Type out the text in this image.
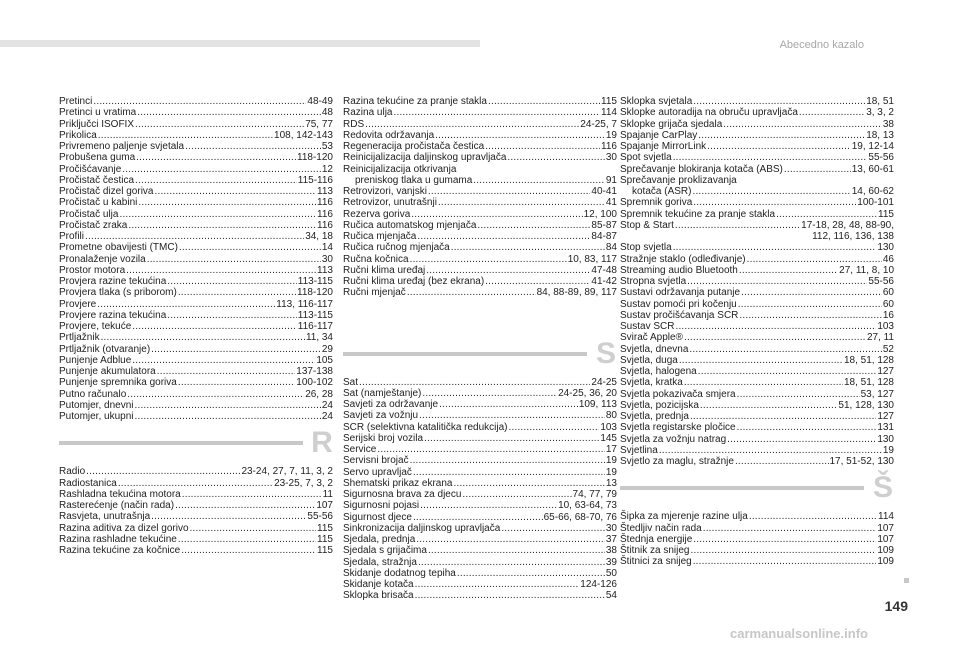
Abecedno kazalo
Pretinci .....	48-49
Pretinci u vratima .....	48
Priključci ISOFIX .....	75, 77
Prikolica .....	108, 142-143
Privremeno paljenje svjetala .....	53
Probušena guma .....	118-120
Pročišćavanje .....	12
Pročistač čestica .....	115-116
Pročistač dizel goriva .....	113
Pročistač u kabini .....	116
Pročistač ulja .....	116
Pročistač zraka .....	116
Profili .....	34, 18
Prometne obavijesti (TMC) .....	14
Pronalaženje vozila .....	30
Prostor motora .....	113
Provjera razine tekućina .....	113-115
Provjera tlaka (s priborom) .....	118-120
Provjere .....	113, 116-117
Provjere razina tekućina .....	113-115
Provjere, tekuće .....	116-117
Prtljažnik .....	11, 34
Prtljažnik (otvaranje) .....	29
Punjenje Adblue .....	105
Punjenje akumulatora .....	137-138
Punjenje spremnika goriva .....	100-102
Putno računalo .....	26, 28
Putomjer, dnevni .....	24
Putomjer, ukupni .....	24
R
Radio .....	23-24, 27, 7, 11, 3, 2
Radiostanica .....	23-25, 7, 3, 2
Rashladna tekućina motora .....	11
Rasterećenje (način rada) .....	107
Rasvjeta, unutrašnja .....	55-56
Razina aditiva za dizel gorivo .....	115
Razina rashladne tekućine .....	115
Razina tekućine za kočnice .....	115
Razina tekućine za pranje stakla .....	115
Razina ulja .....	114
RDS .....	24-25, 7
Redovita održavanja .....	19
Regeneracija pročistača čestica .....	116
Reinicijalizacija daljinskog upravljača .....	30
Reinicijalizacija otkrivanja
preniskog tlaka u gumama .....	91
Retrovizori, vanjski .....	40-41
Retrovizor, unutrašnji .....	41
Rezerva goriva .....	12, 100
Ručica automatskog mjenjača .....	85-87
Ručica mjenjača .....	84-87
Ručica ručnog mjenjača .....	84
Ručna kočnica .....	10, 83, 117
Ručni klima uređaj .....	47-48
Ručni klima uređaj (bez ekrana) .....	41-42
Ručni mjenjač .....	84, 88-89, 89, 117
S
Sat .....	24-25
Sat (namještanje) .....	24-25, 36, 20
Savjeti za održavanje .....	109, 113
Savjeti za vožnju .....	80
SCR (selektivna katalitička redukcija) .....	103
Serijski broj vozila .....	145
Service .....	17
Servisni brojač .....	19
Servo upravljač .....	19
Shematski prikaz ekrana .....	13
Sigurnosna brava za djecu .....	74, 77, 79
Sigurnosni pojasi .....	10, 63-64, 73
Sigurnost djece .....	65-66, 68-70, 76
Sinkronizacija daljinskog upravljača .....	30
Sjedala, prednja .....	37
Sjedala s grijačima .....	38
Sjedala, stražnja .....	39
Skidanje dodatnog tepiha .....	50
Skidanje kotača .....	124-126
Sklopka brisača .....	54
Sklopka svjetala .....	18, 51
Sklopke autoradija na obruču upravljača .....	3, 3, 2
Sklopke grijača sjedala .....	38
Spajanje CarPlay .....	18, 13
Spajanje MirrorLink .....	19, 12-14
Spot svjetla .....	55-56
Sprečavanje blokiranja kotača (ABS) .....	13, 60-61
Sprečavanje proklizavanja
kotača (ASR) .....	14, 60-62
Spremnik goriva .....	100-101
Spremnik tekućine za pranje stakla .....	115
Stop & Start .....	17-18, 28, 48, 88-90,
112, 116, 136, 138
Stop svjetla .....	130
Stražnje staklo (odleđivanje) .....	46
Streaming audio Bluetooth .....	27, 11, 8, 10
Stropna svjetla .....	55-56
Sustavi održavanja putanje .....	60
Sustav pomoći pri kočenju .....	60
Sustav pročišćavanja SCR .....	16
Sustav SCR .....	103
Svirač Apple® .....	27, 11
Svjetla, dnevna .....	52
Svjetla, duga .....	18, 51, 128
Svjetla, halogena .....	127
Svjetla, kratka .....	18, 51, 128
Svjetla pokazivača smjera .....	53, 127
Svjetla, pozicijska .....	51, 128, 130
Svjetla, prednja .....	127
Svjetla registarske pločice .....	131
Svjetla za vožnju natrag .....	130
Svjetlina .....	19
Svjetlo za maglu, stražnje .....	17, 51-52, 130
Š
Šipka za mjerenje razine ulja .....	114
Štedljiv način rada .....	107
Štednja energije .....	107
Štitnik za snijeg .....	109
Štitnici za snijeg .....	109
149
carmanualsonline.info
